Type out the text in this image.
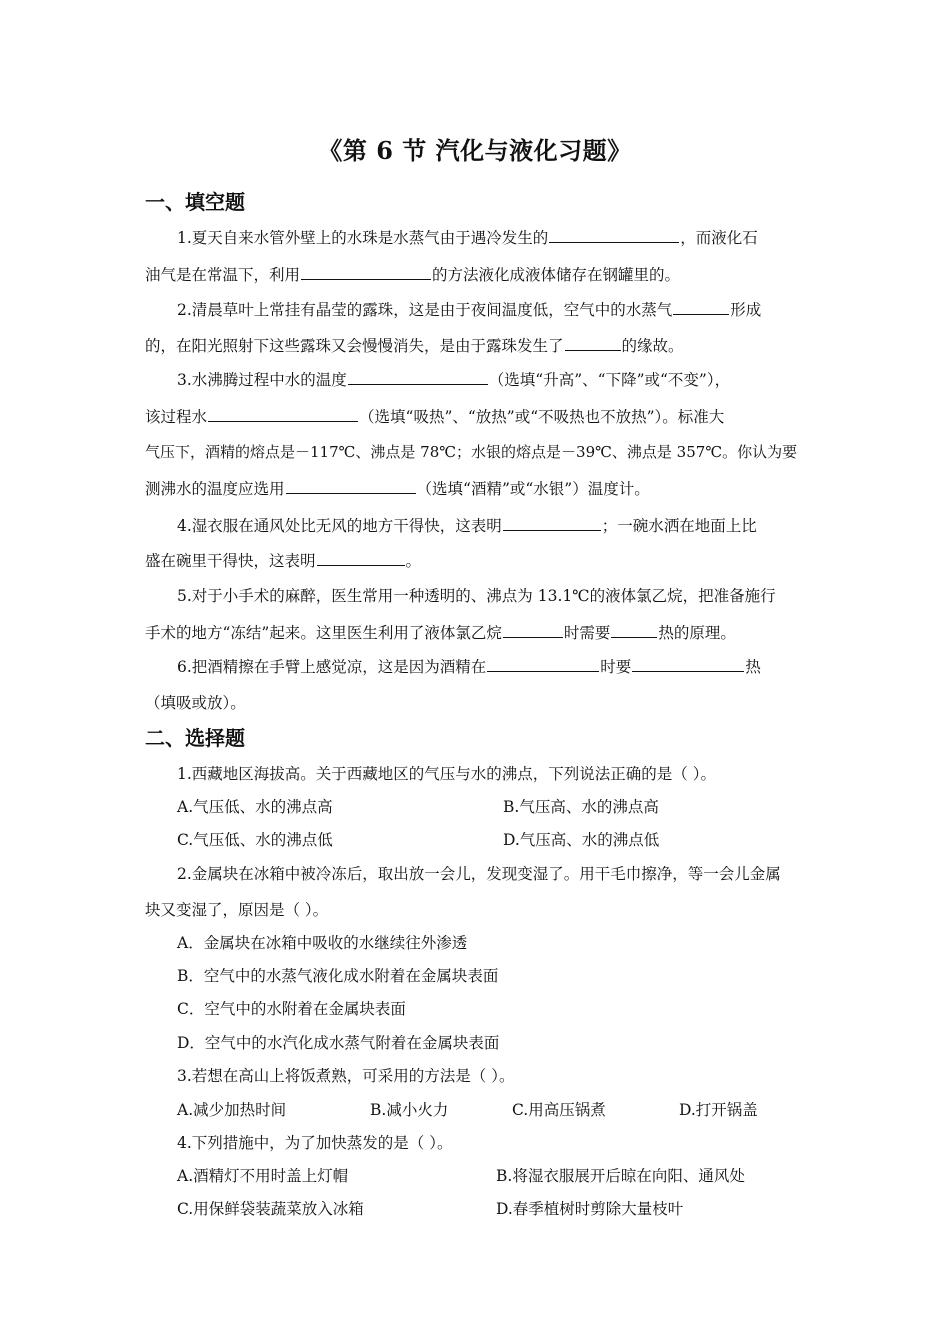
《第 6 节 汽化与液化习题》
一、填空题
1.夏天自来水管外壁上的水珠是水蒸气由于遇冷发生的	，而液化石
油气是在常温下，利用	的方法液化成液体储存在钢罐里的。
2.清晨草叶上常挂有晶莹的露珠，这是由于夜间温度低，空气中的水蒸气	形成
的，在阳光照射下这些露珠又会慢慢消失，是由于露珠发生了	的缘故。
3.水沸腾过程中水的温度	（选填“升高”、“下降”或“不变”），
该过程水	（选填“吸热”、“放热”或“不吸热也不放热”）。标准大
气压下，酒精的熔点是－117℃、沸点是 78℃；水银的熔点是－39℃、沸点是 357℃。你认为要
测沸水的温度应选用	（选填“酒精”或“水银”）温度计。
4.湿衣服在通风处比无风的地方干得快，这表明	；一碗水洒在地面上比
盛在碗里干得快，这表明	。
5.对于小手术的麻醉，医生常用一种透明的、沸点为 13.1℃的液体氯乙烷，把准备施行
手术的地方“冻结”起来。这里医生利用了液体氯乙烷	时需要	热的原理。
6.把酒精擦在手臂上感觉凉，这是因为酒精在	时要	热
（填吸或放）。
二、选择题
1.西藏地区海拔高。关于西藏地区的气压与水的沸点，下列说法正确的是（ ）。
A.气压低、水的沸点高	B.气压高、水的沸点高
C.气压低、水的沸点低	D.气压高、水的沸点低
2.金属块在冰箱中被冷冻后，取出放一会儿，发现变湿了。用干毛巾擦净，等一会儿金属
块又变湿了，原因是（ ）。
A．金属块在冰箱中吸收的水继续往外渗透
B．空气中的水蒸气液化成水附着在金属块表面
C．空气中的水附着在金属块表面
D．空气中的水汽化成水蒸气附着在金属块表面
3.若想在高山上将饭煮熟，可采用的方法是（ ）。
A.减少加热时间	B.减小火力	C.用高压锅煮	D.打开锅盖
4.下列措施中，为了加快蒸发的是（ ）。
A.酒精灯不用时盖上灯帽	B.将湿衣服展开后晾在向阳、通风处
C.用保鲜袋装蔬菜放入冰箱	D.春季植树时剪除大量枝叶
